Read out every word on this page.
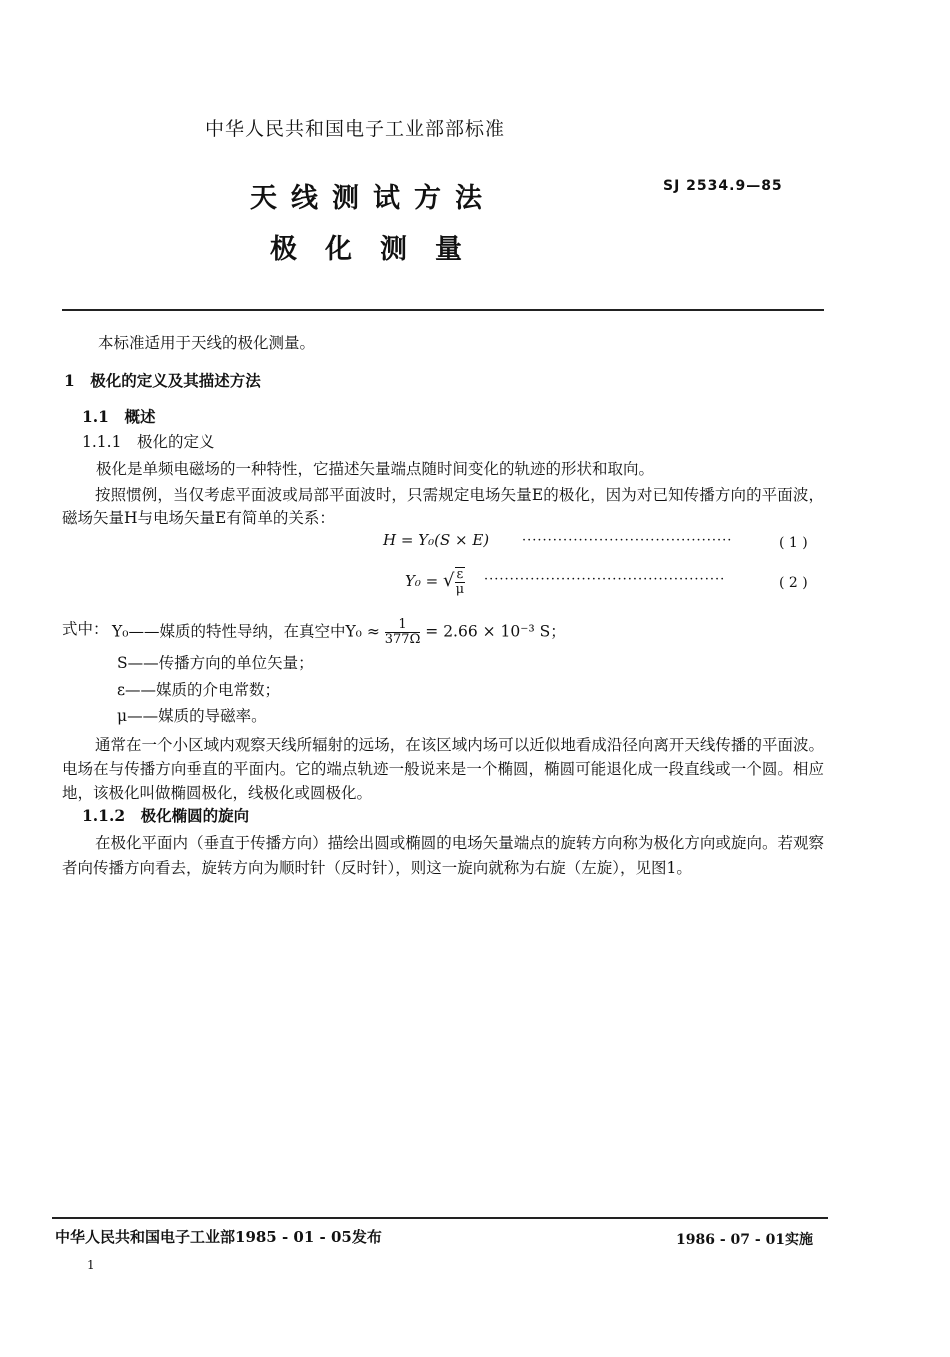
中华人民共和国电子工业部部标准
天线测试方法
极化测量
SJ 2534.9—85
本标准适用于天线的极化测量。
1　极化的定义及其描述方法
1.1　概述
1.1.1　极化的定义
极化是单频电磁场的一种特性，它描述矢量端点随时间变化的轨迹的形状和取向。
按照惯例，当仅考虑平面波或局部平面波时，只需规定电场矢量E的极化，因为对已知传播方向的平面波，磁场矢量H与电场矢量E有简单的关系：
H = Y₀(S × E)	·········································	( 1 )
Y₀ = √ $\frac{\varepsilon}{\mu}$ ···············································	( 2 )
式中： Y₀——媒质的特性导纳，在真空中$Y_0 \approx \frac{1}{377\Omega} = 2.66 \times 10^{-3}$ S；
S——传播方向的单位矢量；
ε——媒质的介电常数；
μ——媒质的导磁率。
通常在一个小区域内观察天线所辐射的远场，在该区域内场可以近似地看成沿径向离开天线传播的平面波。电场在与传播方向垂直的平面内。它的端点轨迹一般说来是一个椭圆，椭圆可能退化成一段直线或一个圆。相应地，该极化叫做椭圆极化，线极化或圆极化。
1.1.2　极化椭圆的旋向
在极化平面内（垂直于传播方向）描绘出圆或椭圆的电场矢量端点的旋转方向称为极化方向或旋向。若观察者向传播方向看去，旋转方向为顺时针（反时针），则这一旋向就称为右旋（左旋），见图1。
中华人民共和国电子工业部1985 - 01 - 05发布	1986 - 07 - 01实施
1
